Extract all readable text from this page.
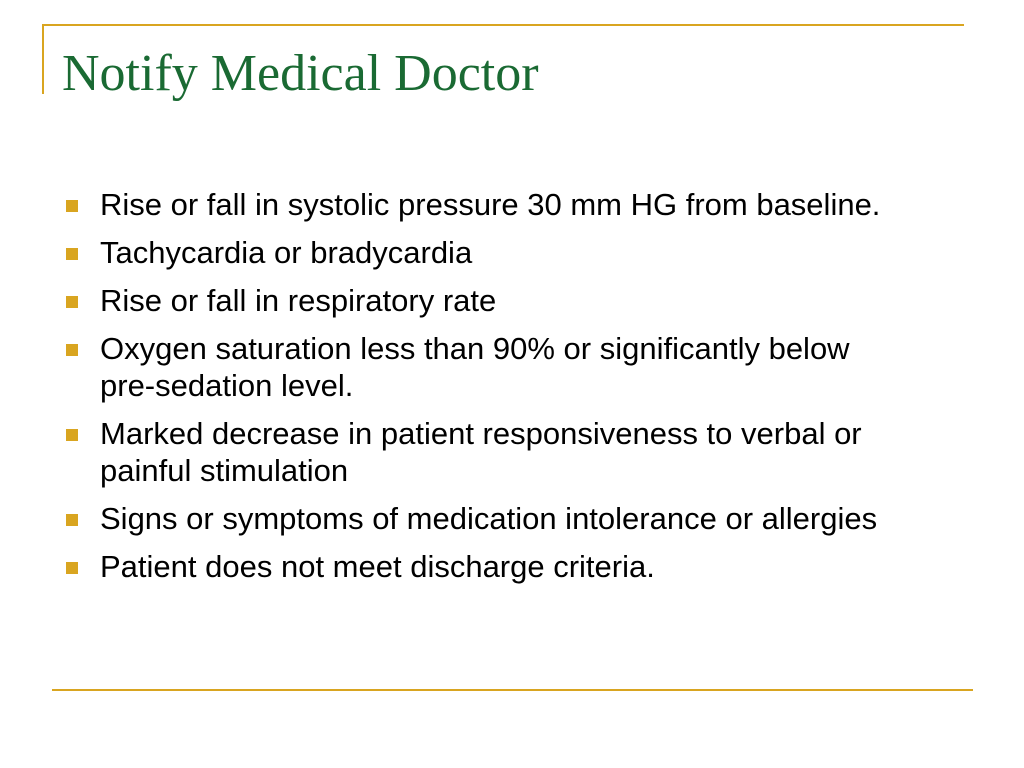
Notify Medical Doctor
Rise or fall in systolic pressure 30 mm HG from baseline.
Tachycardia or bradycardia
Rise or fall in respiratory rate
Oxygen saturation less than 90% or significantly below pre-sedation level.
Marked decrease in patient responsiveness to verbal or painful stimulation
Signs or symptoms of medication intolerance or allergies
Patient does not meet discharge criteria.
